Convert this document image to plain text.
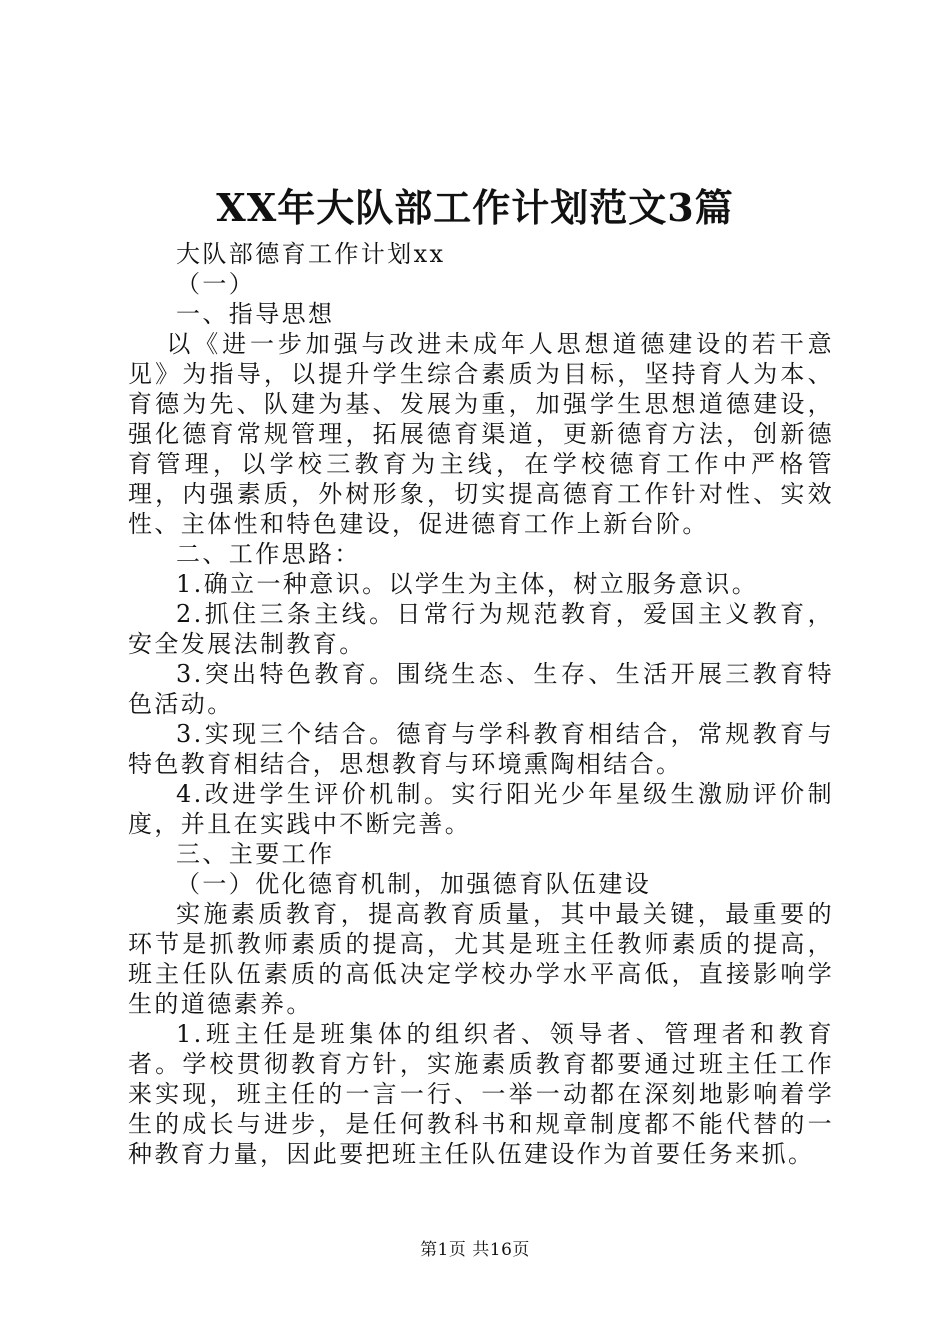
XX年大队部工作计划范文3篇

大队部德育工作计划xx

（一）

一、指导思想

以《进一步加强与改进未成年人思想道德建设的若干意见》为指导，以提升学生综合素质为目标，坚持育人为本、育德为先、队建为基、发展为重，加强学生思想道德建设，强化德育常规管理，拓展德育渠道，更新德育方法，创新德育管理，以学校三教育为主线，在学校德育工作中严格管理，内强素质，外树形象，切实提高德育工作针对性、实效性、主体性和特色建设，促进德育工作上新台阶。

二、工作思路：

1.确立一种意识。以学生为主体，树立服务意识。

2.抓住三条主线。日常行为规范教育，爱国主义教育，安全发展法制教育。

3.突出特色教育。围绕生态、生存、生活开展三教育特色活动。

3.实现三个结合。德育与学科教育相结合，常规教育与特色教育相结合，思想教育与环境熏陶相结合。

4.改进学生评价机制。实行阳光少年星级生激励评价制度，并且在实践中不断完善。

三、主要工作

（一）优化德育机制，加强德育队伍建设

实施素质教育，提高教育质量，其中最关键，最重要的环节是抓教师素质的提高，尤其是班主任教师素质的提高，班主任队伍素质的高低决定学校办学水平高低，直接影响学生的道德素养。

1.班主任是班集体的组织者、领导者、管理者和教育者。学校贯彻教育方针，实施素质教育都要通过班主任工作来实现，班主任的一言一行、一举一动都在深刻地影响着学生的成长与进步，是任何教科书和规章制度都不能代替的一种教育力量，因此要把班主任队伍建设作为首要任务来抓。

第1页 共16页
